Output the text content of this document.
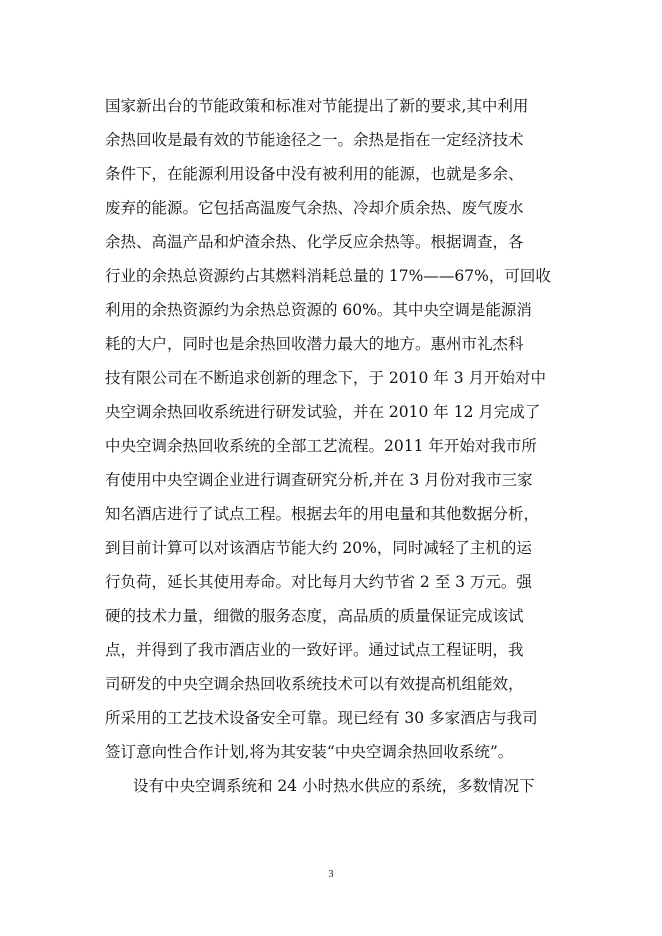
国家新出台的节能政策和标准对节能提出了新的要求,其中利用
余热回收是最有效的节能途径之一。余热是指在一定经济技术
条件下，在能源利用设备中没有被利用的能源，也就是多余、
废弃的能源。它包括高温废气余热、冷却介质余热、废气废水
余热、高温产品和炉渣余热、化学反应余热等。根据调查，各
行业的余热总资源约占其燃料消耗总量的 17%——67%，可回收
利用的余热资源约为余热总资源的 60%。其中央空调是能源消
耗的大户，同时也是余热回收潜力最大的地方。惠州市礼杰科
技有限公司在不断追求创新的理念下，于 2010 年 3 月开始对中
央空调余热回收系统进行研发试验，并在 2010 年 12 月完成了
中央空调余热回收系统的全部工艺流程。2011 年开始对我市所
有使用中央空调企业进行调查研究分析,并在 3 月份对我市三家
知名酒店进行了试点工程。根据去年的用电量和其他数据分析，
到目前计算可以对该酒店节能大约 20%，同时减轻了主机的运
行负荷，延长其使用寿命。对比每月大约节省 2 至 3 万元。强
硬的技术力量，细微的服务态度，高品质的质量保证完成该试
点，并得到了我市酒店业的一致好评。通过试点工程证明，我
司研发的中央空调余热回收系统技术可以有效提高机组能效，
所采用的工艺技术设备安全可靠。现已经有 30 多家酒店与我司
签订意向性合作计划,将为其安装“中央空调余热回收系统”。
设有中央空调系统和 24 小时热水供应的系统，多数情况下
3
